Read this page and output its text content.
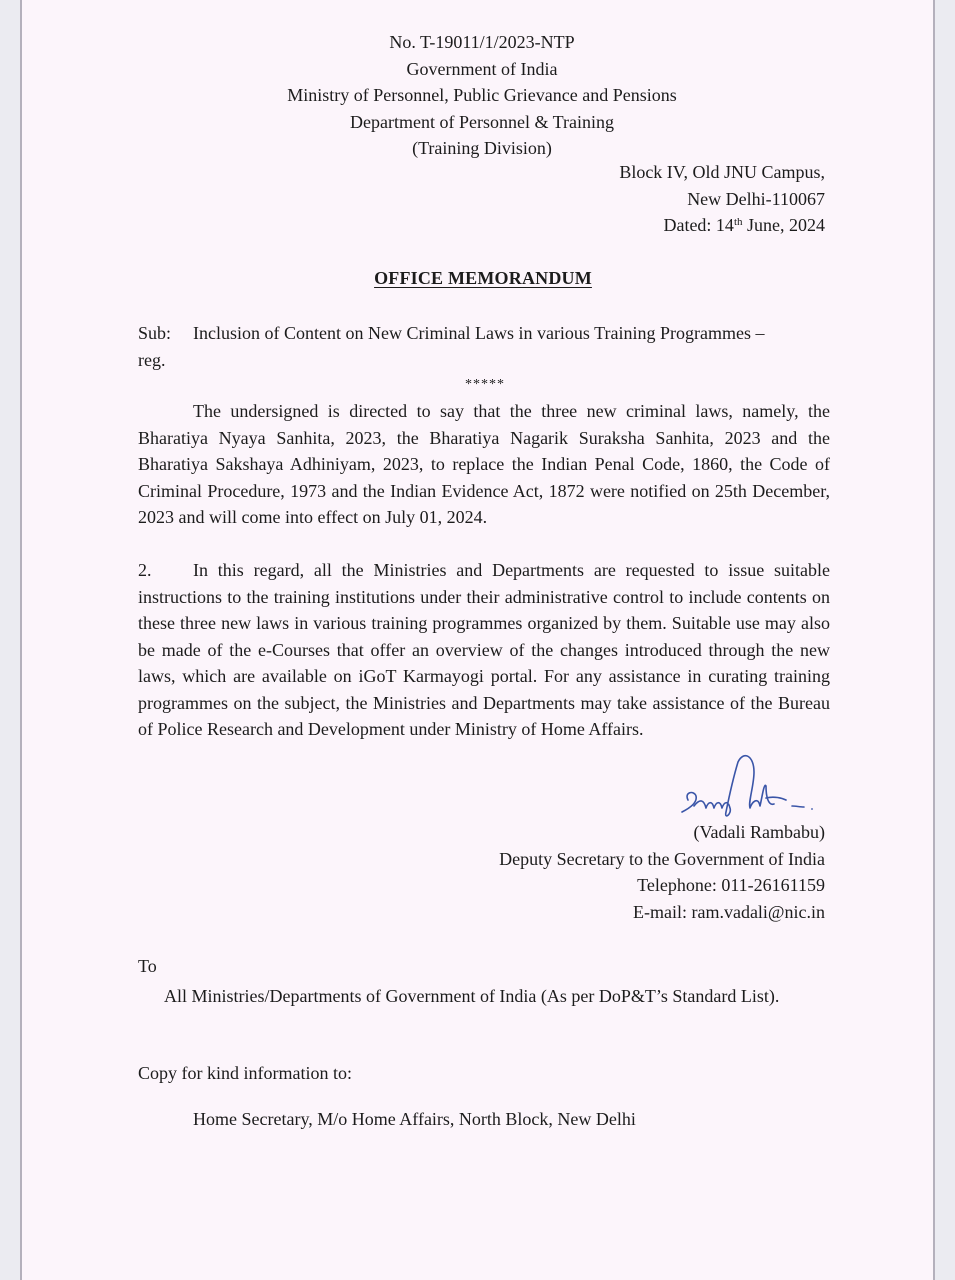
No. T-19011/1/2023-NTP
Government of India
Ministry of Personnel, Public Grievance and Pensions
Department of Personnel & Training
(Training Division)
Block IV, Old JNU Campus,
New Delhi-110067
Dated: 14th June, 2024
OFFICE MEMORANDUM
Sub:	Inclusion of Content on New Criminal Laws in various Training Programmes –
reg.
*****
The undersigned is directed to say that the three new criminal laws, namely, the Bharatiya Nyaya Sanhita, 2023, the Bharatiya Nagarik Suraksha Sanhita, 2023 and the Bharatiya Sakshaya Adhiniyam, 2023, to replace the Indian Penal Code, 1860, the Code of Criminal Procedure, 1973 and the Indian Evidence Act, 1872 were notified on 25th December, 2023 and will come into effect on July 01, 2024.
2. In this regard, all the Ministries and Departments are requested to issue suitable instructions to the training institutions under their administrative control to include contents on these three new laws in various training programmes organized by them. Suitable use may also be made of the e-Courses that offer an overview of the changes introduced through the new laws, which are available on iGoT Karmayogi portal. For any assistance in curating training programmes on the subject, the Ministries and Departments may take assistance of the Bureau of Police Research and Development under Ministry of Home Affairs.
(Vadali Rambabu)
Deputy Secretary to the Government of India
Telephone: 011-26161159
E-mail: ram.vadali@nic.in
To
All Ministries/Departments of Government of India (As per DoP&T’s Standard List).
Copy for kind information to:
Home Secretary, M/o Home Affairs, North Block, New Delhi
